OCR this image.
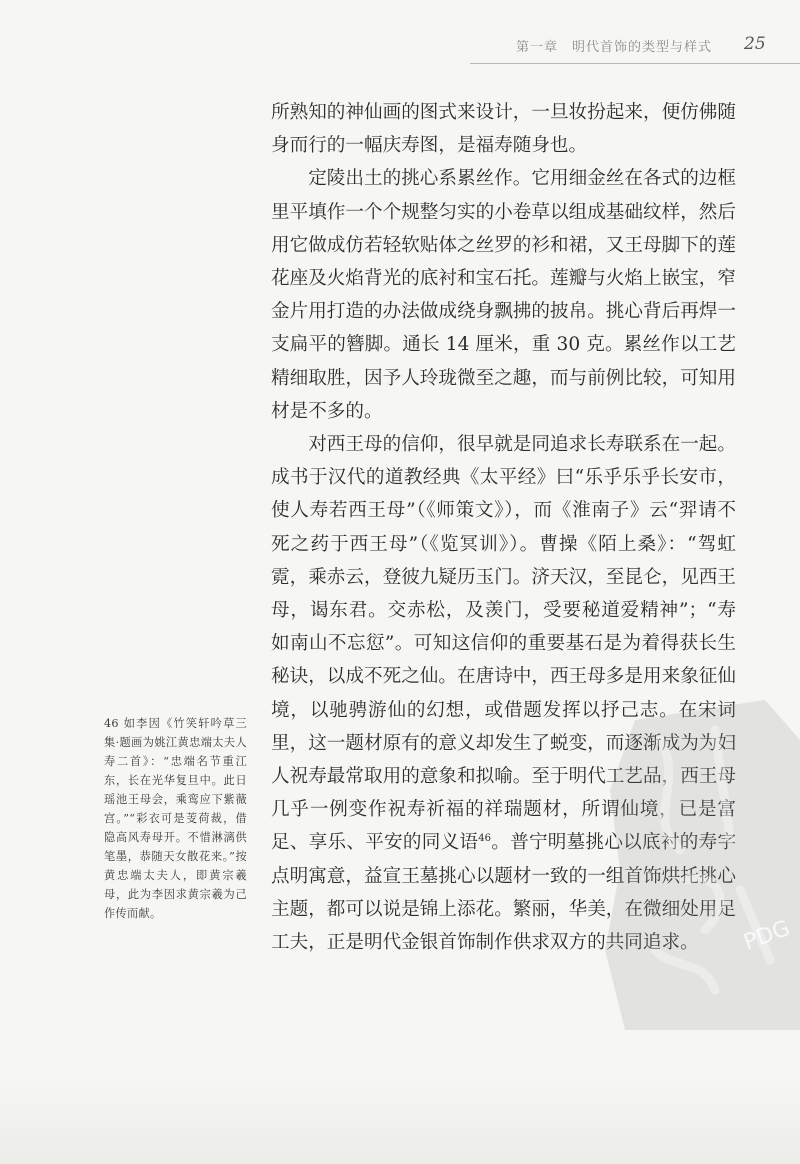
第一章　明代首饰的类型与样式 25

所熟知的神仙画的图式来设计，一旦妆扮起来，便仿佛随身而行的一幅庆寿图，是福寿随身也。

定陵出土的挑心系累丝作。它用细金丝在各式的边框里平填作一个个规整匀实的小卷草以组成基础纹样，然后用它做成仿若轻软贴体之丝罗的衫和裙，又王母脚下的莲花座及火焰背光的底衬和宝石托。莲瓣与火焰上嵌宝，窄金片用打造的办法做成绕身飘拂的披帛。挑心背后再焊一支扁平的簪脚。通长 14 厘米，重 30 克。累丝作以工艺精细取胜，因予人玲珑微至之趣，而与前例比较，可知用材是不多的。

对西王母的信仰，很早就是同追求长寿联系在一起。成书于汉代的道教经典《太平经》曰“乐乎乐乎长安市，使人寿若西王母”（《师策文》），而《淮南子》云“羿请不死之药于西王母”（《览冥训》）。曹操《陌上桑》：“驾虹霓，乘赤云，登彼九疑历玉门。济天汉，至昆仑，见西王母，谒东君。交赤松，及羡门，受要秘道爱精神”；“寿如南山不忘愆”。可知这信仰的重要基石是为着得获长生秘诀，以成不死之仙。在唐诗中，西王母多是用来象征仙境，以驰骋游仙的幻想，或借题发挥以抒己志。在宋词里，这一题材原有的意义却发生了蜕变，而逐渐成为为妇人祝寿最常取用的意象和拟喻。至于明代工艺品，西王母几乎一例变作祝寿祈福的祥瑞题材，所谓仙境，已是富足、享乐、平安的同义语$^{46}$。普宁明墓挑心以底衬的寿字点明寓意，益宣王墓挑心以题材一致的一组首饰烘托挑心主题，都可以说是锦上添花。繁丽，华美，在微细处用足工夫，正是明代金银首饰制作供求双方的共同追求。

46 如李因《竹笑轩吟草三集·题画为姚江黄忠端太夫人寿二首》：“忠端名节重江东，长在光华复旦中。此日瑶池王母会，乘鸾应下紫薇宫。”“彩衣可是芰荷裁，借隐高风寿母开。不惜淋漓供笔墨，恭随天女散花来。”按黄忠端太夫人，即黄宗羲母，此为李因求黄宗羲为己作传而献。
PDG
